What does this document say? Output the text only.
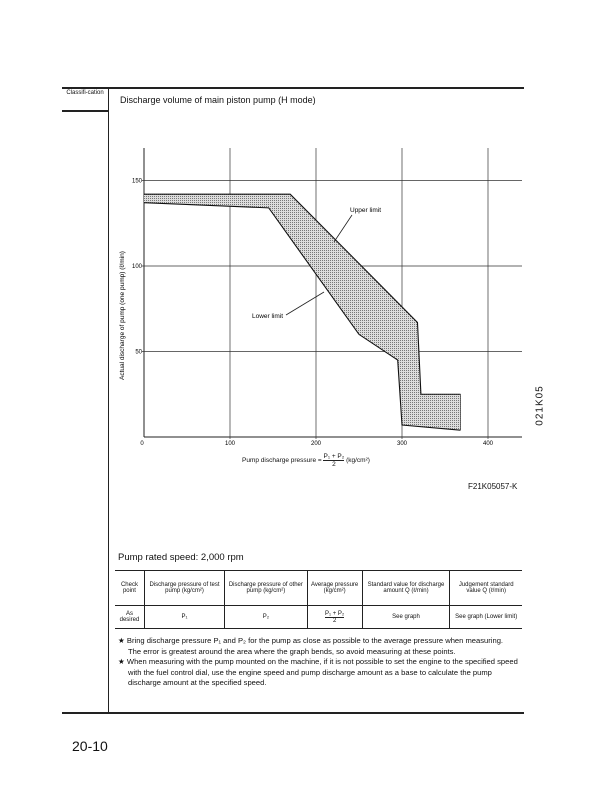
Classifi-cation
Discharge volume of main piston pump (H mode)
50
100
150
0	100	200	300	400
Actual discharge of pump (one pump) (ℓ/min)
Upper limit
Lower limit
Pump discharge pressure = $\frac{\text{P₁ + P₂}}{2} (kg/cm^2)$
F21K05057-K
021K05
Pump rated speed: 2,000 rpm
Check point	Discharge pressure of test pump (kg/cm²)	Discharge pressure of other pump (kg/cm²)	Average pressure (kg/cm²)	Standard value for discharge amount Q (ℓ/min)	Judgement standard value Q (ℓ/min)
As desired	P₁	P₂	$\frac{\text{P₁ + P₂}}{2}$	See graph	See graph (Lower limit)

★ Bring discharge pressure P₁ and P₂ for the pump as close as possible to the average pressure when measuring.

The error is greatest around the area where the graph bends, so avoid measuring at these points.

★ When measuring with the pump mounted on the machine, if it is not possible to set the engine to the specified speed with the fuel control dial, use the engine speed and pump discharge amount as a base to calculate the pump discharge amount at the specified speed.

20-10
